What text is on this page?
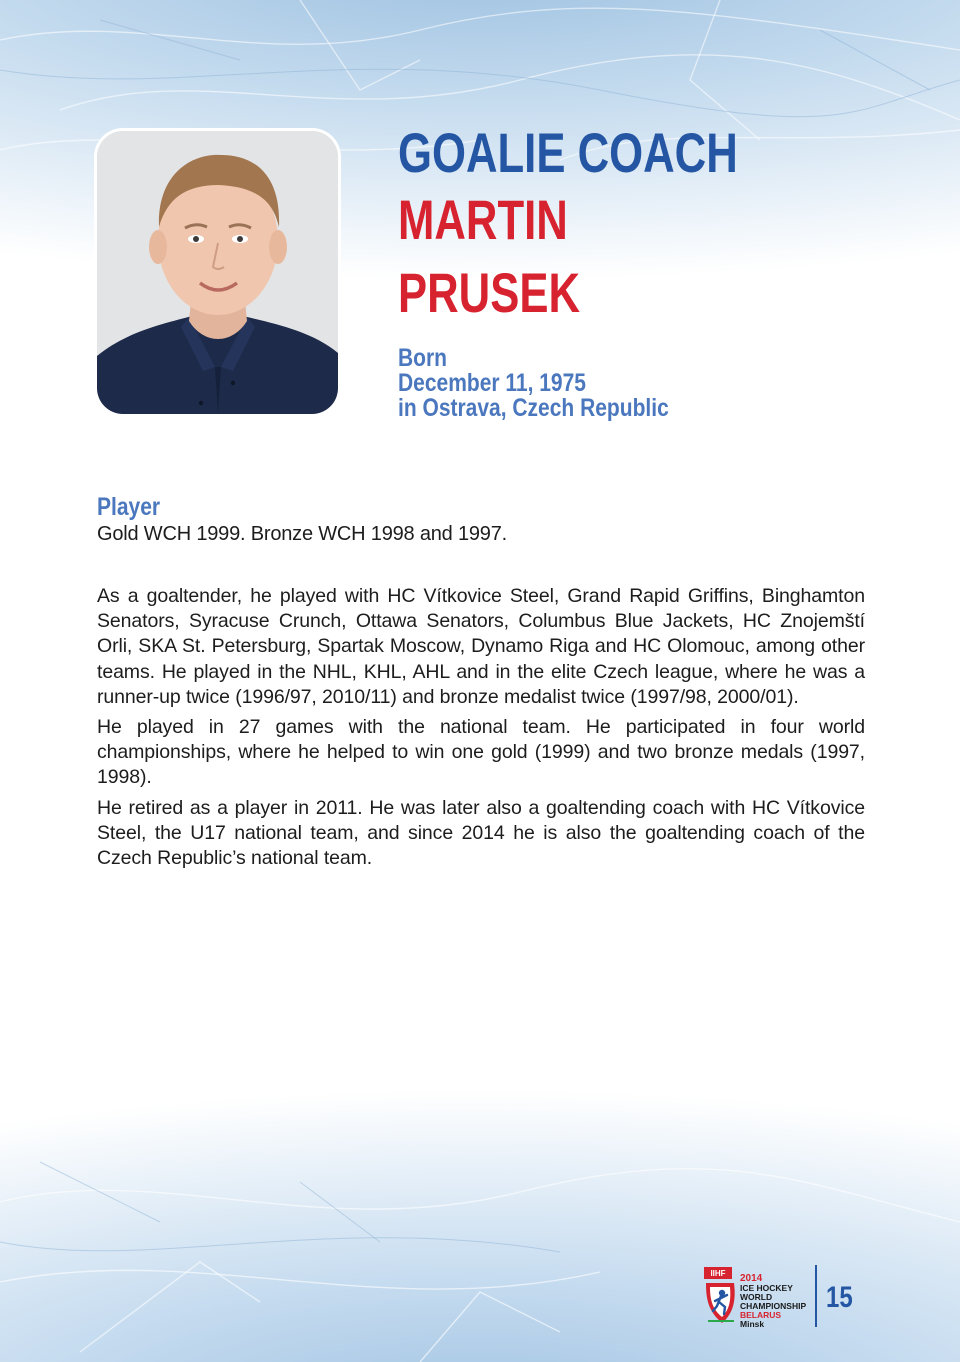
GOALIE COACH
MARTIN
PRUSEK
Born
December 11, 1975
in Ostrava, Czech Republic
Player
Gold WCH 1999. Bronze WCH 1998 and 1997.

As a goaltender, he played with HC Vítkovice Steel, Grand Rapid Griffins, Binghamton Senators, Syracuse Crunch, Ottawa Senators, Columbus Blue Jackets, HC Znojemští Orli, SKA St. Petersburg, Spartak Moscow, Dynamo Riga and HC Olomouc, among other teams. He played in the NHL, KHL, AHL and in the elite Czech league, where he was a runner-up twice (1996/97, 2010/11) and bronze medalist twice (1997/98, 2000/01).

He played in 27 games with the national team. He participated in four world championships, where he helped to win one gold (1999) and two bronze medals (1997, 1998).

He retired as a player in 2011. He was later also a goaltending coach with HC Vítkovice Steel, the U17 national team, and since 2014 he is also the goaltending coach of the Czech Republic’s national team.

IIHF	2014
ICE HOCKEY
WORLD
CHAMPIONSHIP
BELARUS
Minsk
15
